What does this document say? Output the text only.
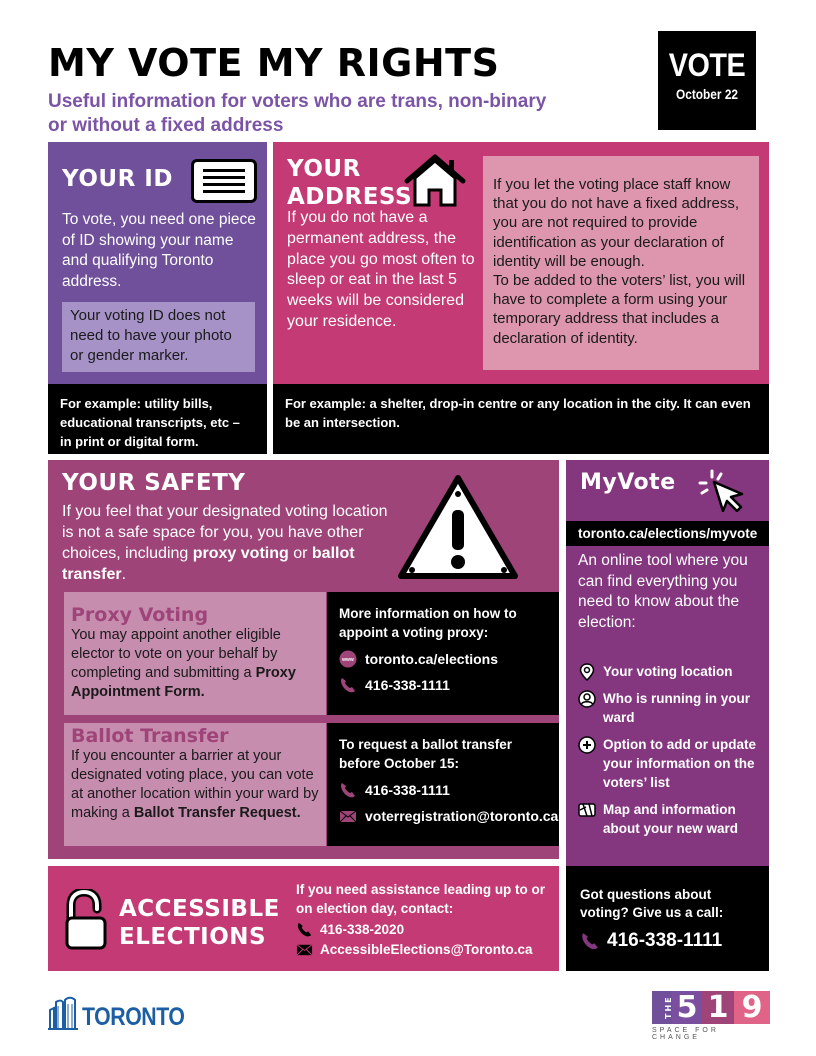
MY VOTE MY RIGHTS
Useful information for voters who are trans, non-binary
or without a fixed address
VOTE
October 22
YOUR ID
To vote, you need one piece of ID showing your name and qualifying Toronto address.
Your voting ID does not need to have your photo or gender marker.
For example: utility bills, educational transcripts, etc – in print or digital form.
YOUR
ADDRESS
If you do not have a permanent address, the place you go most often to sleep or eat in the last 5 weeks will be considered your residence.
If you let the voting place staff know that you do not have a fixed address, you are not required to provide identification as your declaration of identity will be enough.
To be added to the voters’ list, you will have to complete a form using your temporary address that includes a declaration of identity.
For example: a shelter, drop-in centre or any location in the city. It can even be an intersection.
YOUR SAFETY
If you feel that your designated voting location is not a safe space for you, you have other choices, including proxy voting or ballot transfer.
Proxy Voting
You may appoint another eligible elector to vote on your behalf by completing and submitting a Proxy Appointment Form.
More information on how to appoint a voting proxy:
www toronto.ca/elections
416-338-1111
Ballot Transfer
If you encounter a barrier at your designated voting place, you can vote at another location within your ward by making a Ballot Transfer Request.
To request a ballot transfer before October 15:
416-338-1111
voterregistration@toronto.ca
MyVote
toronto.ca/elections/myvote
An online tool where you can find everything you need to know about the election:
Your voting location
Who is running in your ward
Option to add or update your information on the voters’ list
Map and information about your new ward
Got questions about voting? Give us a call:
416-338-1111
ACCESSIBLE
ELECTIONS
If you need assistance leading up to or on election day, contact:
416-338-2020
AccessibleElections@Toronto.ca
TORONTO	THE 5 1 9
SPACE FOR CHANGE
